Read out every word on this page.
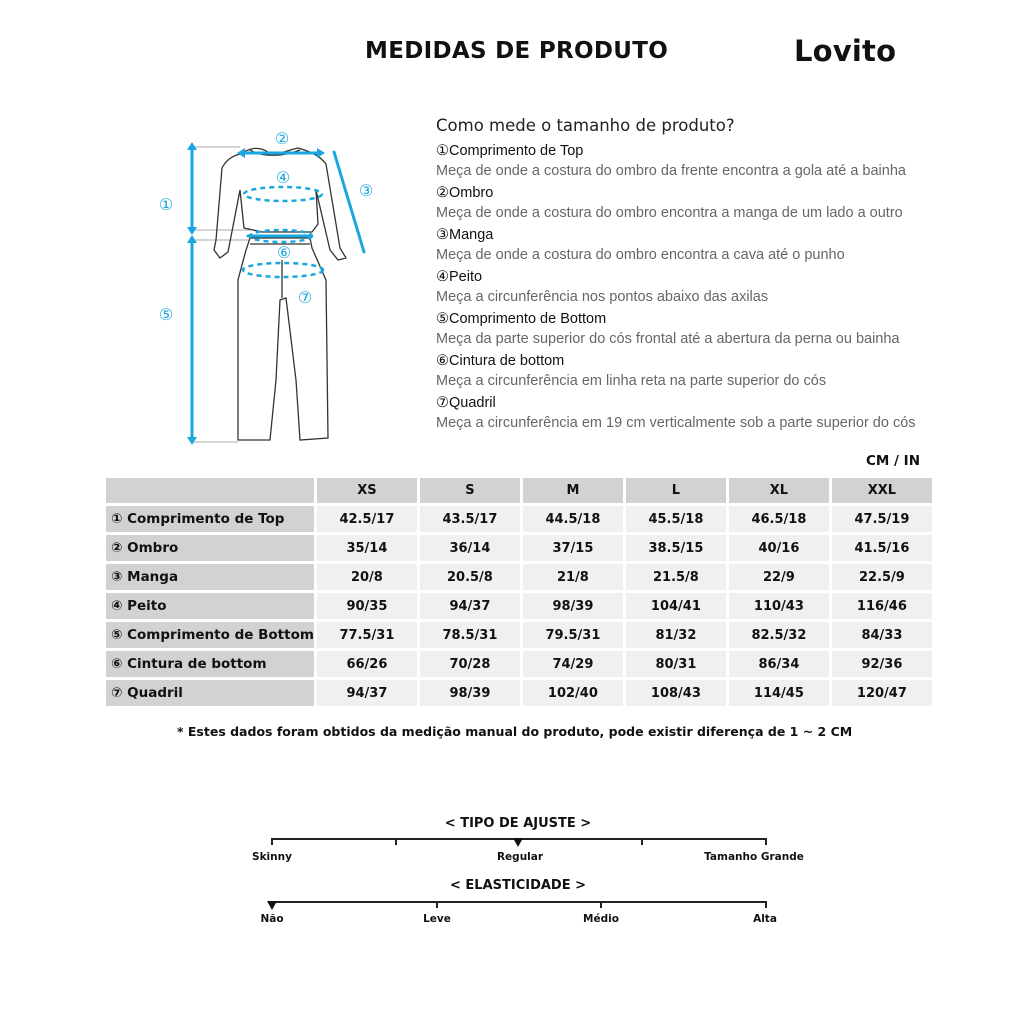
MEDIDAS DE PRODUTO	Lovito
①
②
③
④
⑤
⑥
⑦
Como mede o tamanho de produto?
①Comprimento de Top
Meça de onde a costura do ombro da frente encontra a gola até a bainha
②Ombro
Meça de onde a costura do ombro encontra a manga de um lado a outro
③Manga
Meça de onde a costura do ombro encontra a cava até o punho
④Peito
Meça a circunferência nos pontos abaixo das axilas
⑤Comprimento de Bottom
Meça da parte superior do cós frontal até a abertura da perna ou bainha
⑥Cintura de bottom
Meça a circunferência em linha reta na parte superior do cós
⑦Quadril
Meça a circunferência em 19 cm verticalmente sob a parte superior do cós
CM / IN
	XS	S	M	L	XL	XXL
① Comprimento de Top	42.5/17	43.5/17	44.5/18	45.5/18	46.5/18	47.5/19
② Ombro	35/14	36/14	37/15	38.5/15	40/16	41.5/16
③ Manga	20/8	20.5/8	21/8	21.5/8	22/9	22.5/9
④ Peito	90/35	94/37	98/39	104/41	110/43	116/46
⑤ Comprimento de Bottom	77.5/31	78.5/31	79.5/31	81/32	82.5/32	84/33
⑥ Cintura de bottom	66/26	70/28	74/29	80/31	86/34	92/36
⑦ Quadril	94/37	98/39	102/40	108/43	114/45	120/47
* Estes dados foram obtidos da medição manual do produto, pode existir diferença de 1 ~ 2 CM
< TIPO DE AJUSTE >
Skinny	Regular	Tamanho Grande
< ELASTICIDADE >
Não	Leve	Médio	Alta
